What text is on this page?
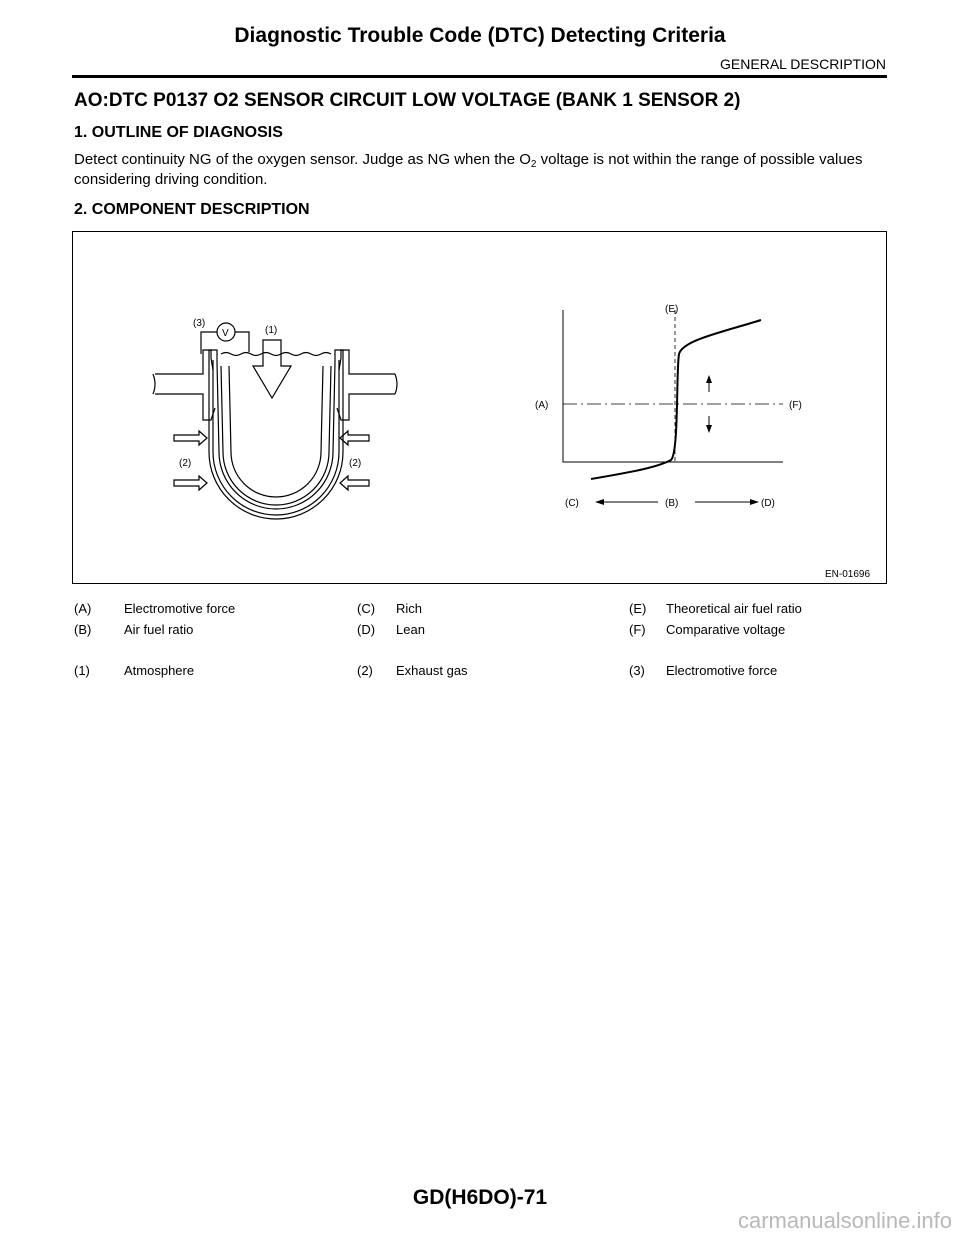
Diagnostic Trouble Code (DTC) Detecting Criteria
GENERAL DESCRIPTION
AO:DTC P0137 O2 SENSOR CIRCUIT LOW VOLTAGE (BANK 1 SENSOR 2)
1. OUTLINE OF DIAGNOSIS
Detect continuity NG of the oxygen sensor. Judge as NG when the $O_2$ voltage is not within the range of possible values considering driving condition.
2. COMPONENT DESCRIPTION
V
(3)
(1)
(2)	(2)
(E)
(A)	(F)
(C)	(B)	(D)
EN-01696
(A)	Electromotive force	(C) Rich	(E) Theoretical air fuel ratio
(B)	Air fuel ratio	(D) Lean	(F) Comparative voltage
(1)	Atmosphere	(2) Exhaust gas	(3) Electromotive force
GD(H6DO)-71
carmanualsonline.info
